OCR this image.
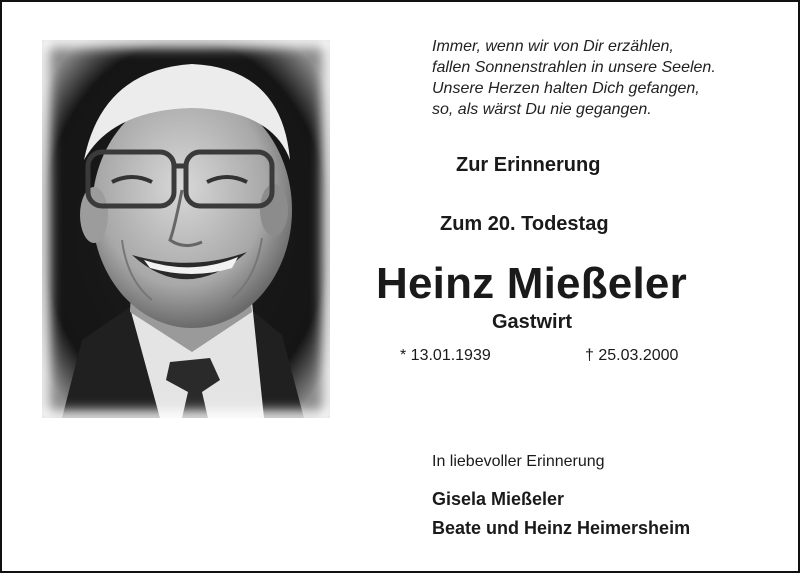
Immer, wenn wir von Dir erzählen,
fallen Sonnenstrahlen in unsere Seelen.
Unsere Herzen halten Dich gefangen,
so, als wärst Du nie gegangen.
Zur Erinnerung
Zum 20. Todestag
Heinz Mießeler
Gastwirt
* 13.01.1939	† 25.03.2000
In liebevoller Erinnerung
Gisela Mießeler
Beate und Heinz Heimersheim
